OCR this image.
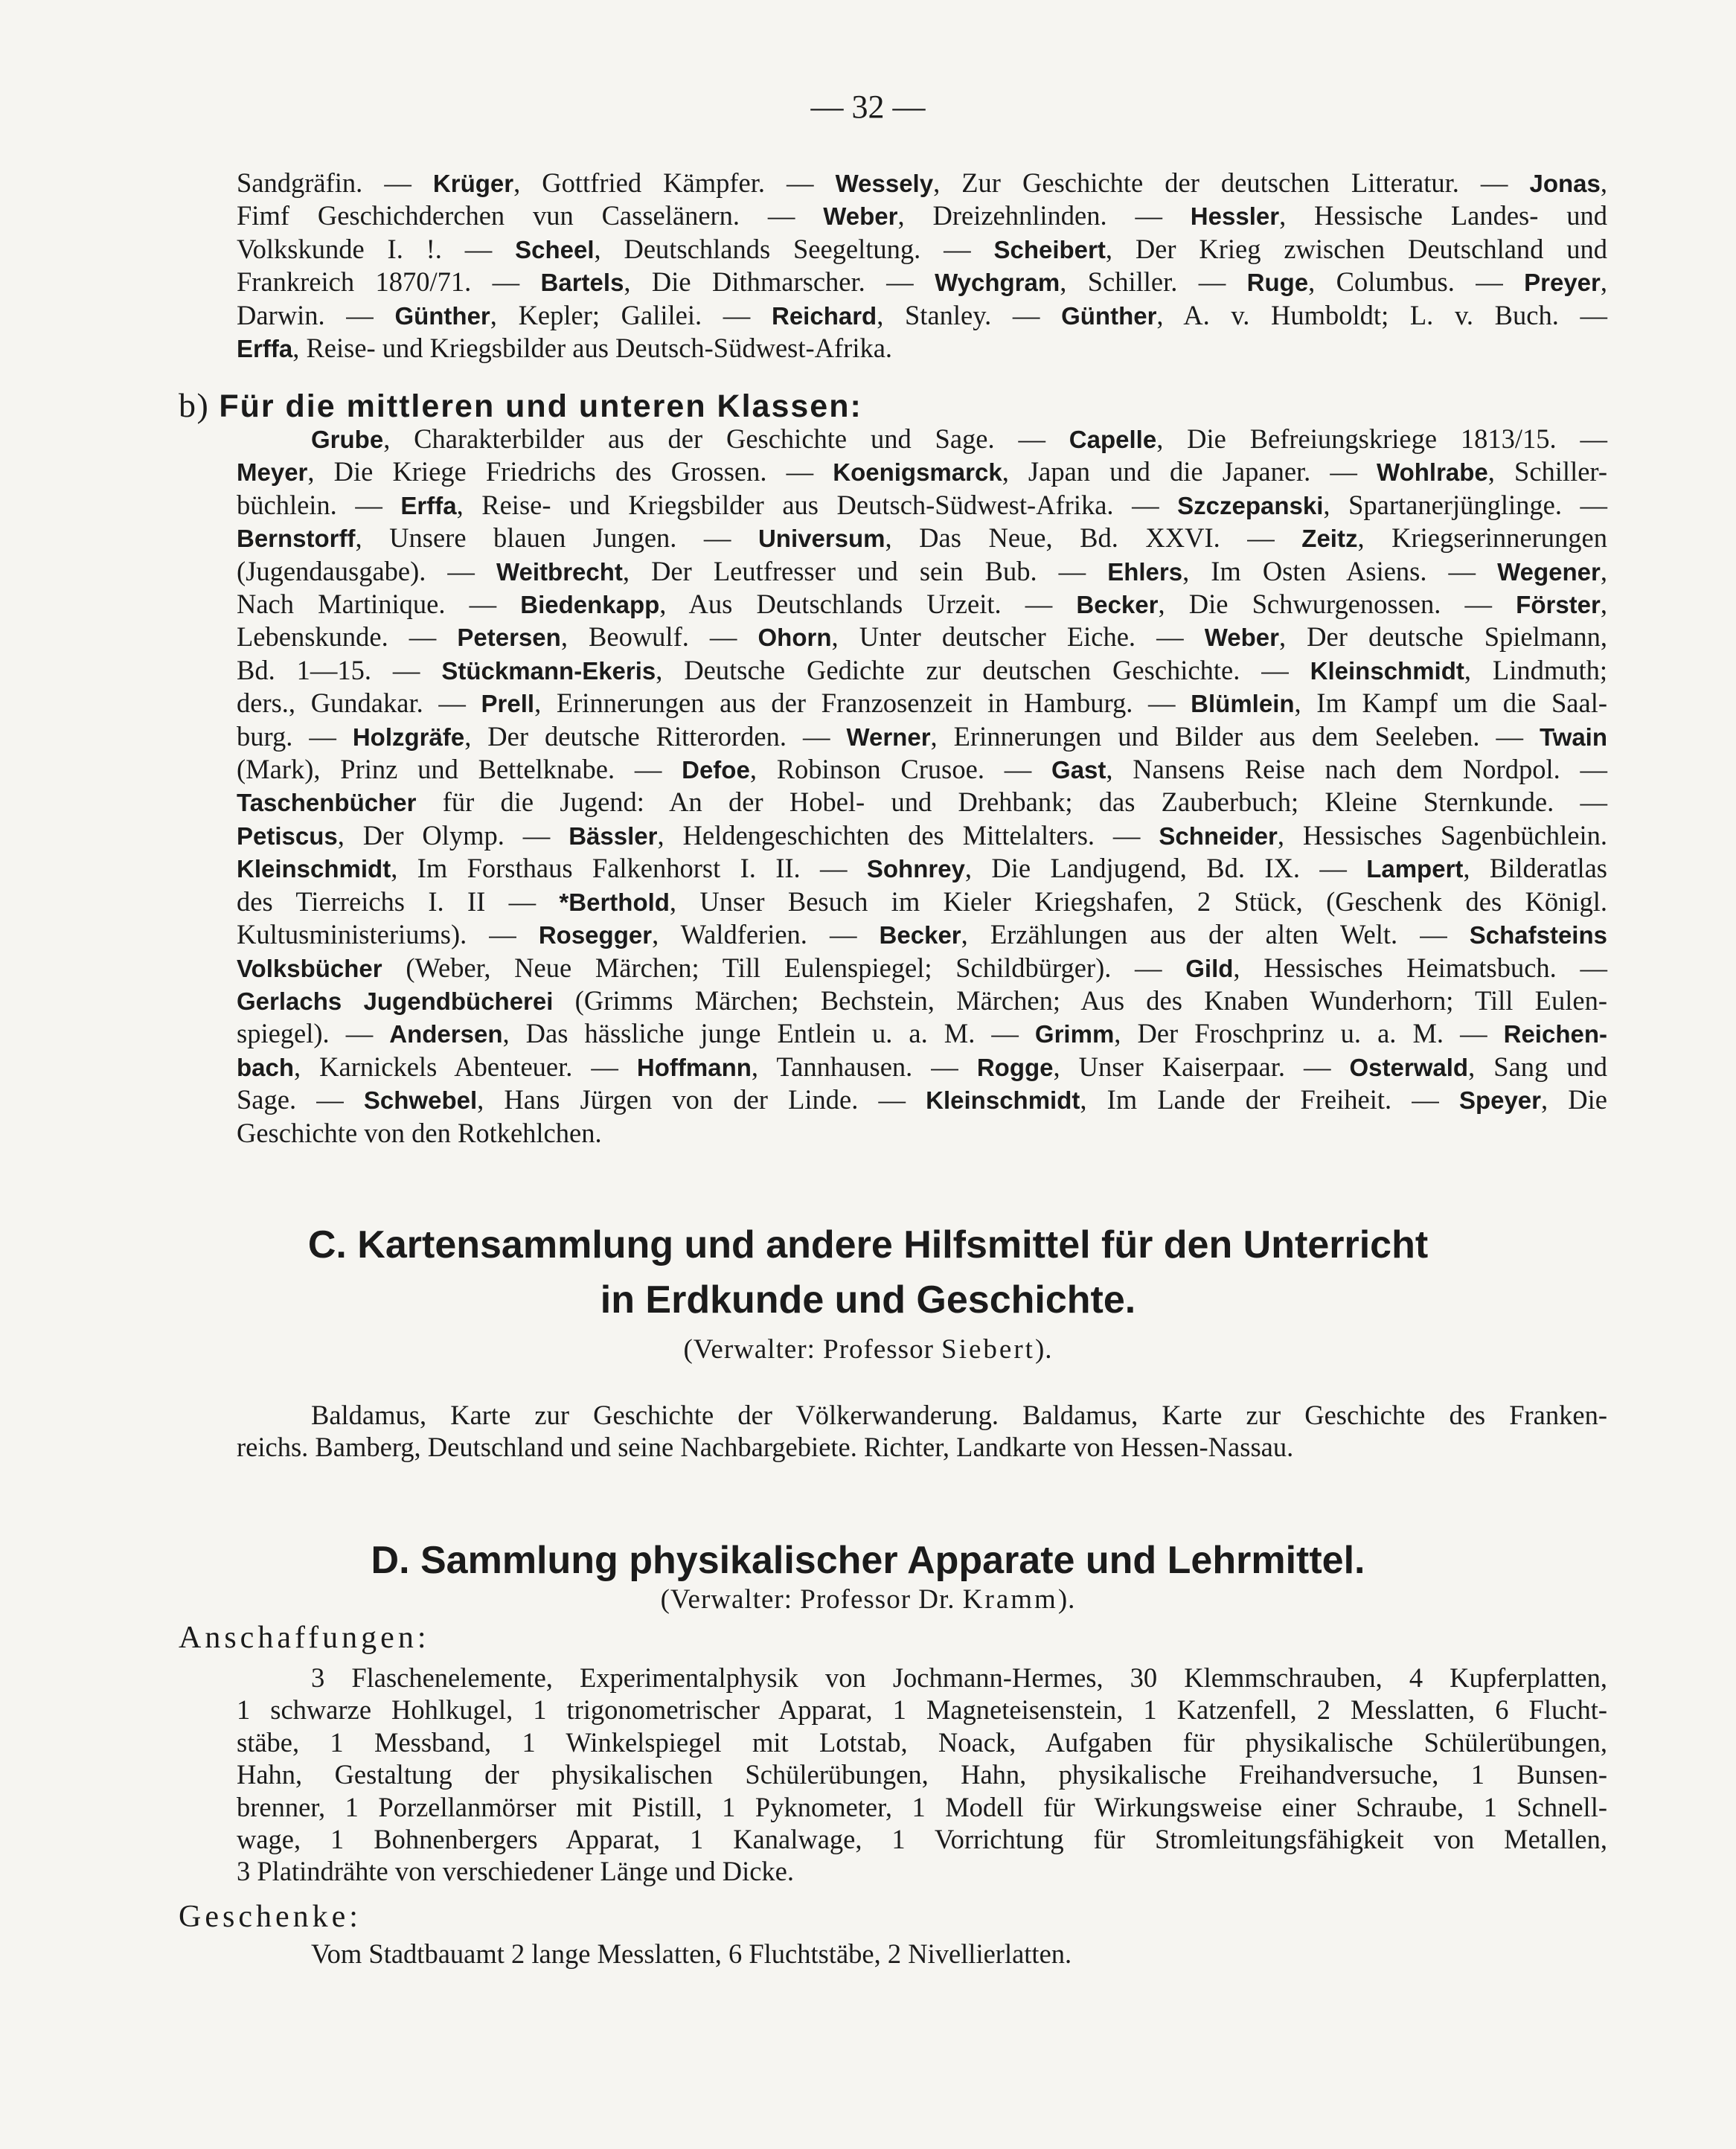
— 32 —
Sandgräfin. — Krüger, Gottfried Kämpfer. — Wessely, Zur Geschichte der deutschen Litteratur. — Jonas,
Fimf Geschichderchen vun Casselänern. — Weber, Dreizehnlinden. — Hessler, Hessische Landes- und
Volkskunde I. !. — Scheel, Deutschlands Seegeltung. — Scheibert, Der Krieg zwischen Deutschland und
Frankreich 1870/71. — Bartels, Die Dithmarscher. — Wychgram, Schiller. — Ruge, Columbus. — Preyer,
Darwin. — Günther, Kepler; Galilei. — Reichard, Stanley. — Günther, A. v. Humboldt; L. v. Buch. —
Erffa, Reise- und Kriegsbilder aus Deutsch-Südwest-Afrika.
b) Für die mittleren und unteren Klassen:
Grube, Charakterbilder aus der Geschichte und Sage. — Capelle, Die Befreiungskriege 1813/15. —
Meyer, Die Kriege Friedrichs des Grossen. — Koenigsmarck, Japan und die Japaner. — Wohlrabe, Schiller-
büchlein. — Erffa, Reise- und Kriegsbilder aus Deutsch-Südwest-Afrika. — Szczepanski, Spartanerjünglinge. —
Bernstorff, Unsere blauen Jungen. — Universum, Das Neue, Bd. XXVI. — Zeitz, Kriegserinnerungen
(Jugendausgabe). — Weitbrecht, Der Leutfresser und sein Bub. — Ehlers, Im Osten Asiens. — Wegener,
Nach Martinique. — Biedenkapp, Aus Deutschlands Urzeit. — Becker, Die Schwurgenossen. — Förster,
Lebenskunde. — Petersen, Beowulf. — Ohorn, Unter deutscher Eiche. — Weber, Der deutsche Spielmann,
Bd. 1—15. — Stückmann-Ekeris, Deutsche Gedichte zur deutschen Geschichte. — Kleinschmidt, Lindmuth;
ders., Gundakar. — Prell, Erinnerungen aus der Franzosenzeit in Hamburg. — Blümlein, Im Kampf um die Saal-
burg. — Holzgräfe, Der deutsche Ritterorden. — Werner, Erinnerungen und Bilder aus dem Seeleben. — Twain
(Mark), Prinz und Bettelknabe. — Defoe, Robinson Crusoe. — Gast, Nansens Reise nach dem Nordpol. —
Taschenbücher für die Jugend: An der Hobel- und Drehbank; das Zauberbuch; Kleine Sternkunde. —
Petiscus, Der Olymp. — Bässler, Heldengeschichten des Mittelalters. — Schneider, Hessisches Sagenbüchlein.
Kleinschmidt, Im Forsthaus Falkenhorst I. II. — Sohnrey, Die Landjugend, Bd. IX. — Lampert, Bilderatlas
des Tierreichs I. II — *Berthold, Unser Besuch im Kieler Kriegshafen, 2 Stück, (Geschenk des Königl.
Kultusministeriums). — Rosegger, Waldferien. — Becker, Erzählungen aus der alten Welt. — Schafsteins
Volksbücher (Weber, Neue Märchen; Till Eulenspiegel; Schildbürger). — Gild, Hessisches Heimatsbuch. —
Gerlachs Jugendbücherei (Grimms Märchen; Bechstein, Märchen; Aus des Knaben Wunderhorn; Till Eulen-
spiegel). — Andersen, Das hässliche junge Entlein u. a. M. — Grimm, Der Froschprinz u. a. M. — Reichen-
bach, Karnickels Abenteuer. — Hoffmann, Tannhausen. — Rogge, Unser Kaiserpaar. — Osterwald, Sang und
Sage. — Schwebel, Hans Jürgen von der Linde. — Kleinschmidt, Im Lande der Freiheit. — Speyer, Die
Geschichte von den Rotkehlchen.
C. Kartensammlung und andere Hilfsmittel für den Unterricht
in Erdkunde und Geschichte.
(Verwalter: Professor Siebert).
Baldamus, Karte zur Geschichte der Völkerwanderung. Baldamus, Karte zur Geschichte des Franken-
reichs. Bamberg, Deutschland und seine Nachbargebiete. Richter, Landkarte von Hessen-Nassau.
D. Sammlung physikalischer Apparate und Lehrmittel.
(Verwalter: Professor Dr. Kramm).
Anschaffungen:
3 Flaschenelemente, Experimentalphysik von Jochmann-Hermes, 30 Klemmschrauben, 4 Kupferplatten,
1 schwarze Hohlkugel, 1 trigonometrischer Apparat, 1 Magneteisenstein, 1 Katzenfell, 2 Messlatten, 6 Flucht-
stäbe, 1 Messband, 1 Winkelspiegel mit Lotstab, Noack, Aufgaben für physikalische Schülerübungen,
Hahn, Gestaltung der physikalischen Schülerübungen, Hahn, physikalische Freihandversuche, 1 Bunsen-
brenner, 1 Porzellanmörser mit Pistill, 1 Pyknometer, 1 Modell für Wirkungsweise einer Schraube, 1 Schnell-
wage, 1 Bohnenbergers Apparat, 1 Kanalwage, 1 Vorrichtung für Stromleitungsfähigkeit von Metallen,
3 Platindrähte von verschiedener Länge und Dicke.
Geschenke:
Vom Stadtbauamt 2 lange Messlatten, 6 Fluchtstäbe, 2 Nivellierlatten.
